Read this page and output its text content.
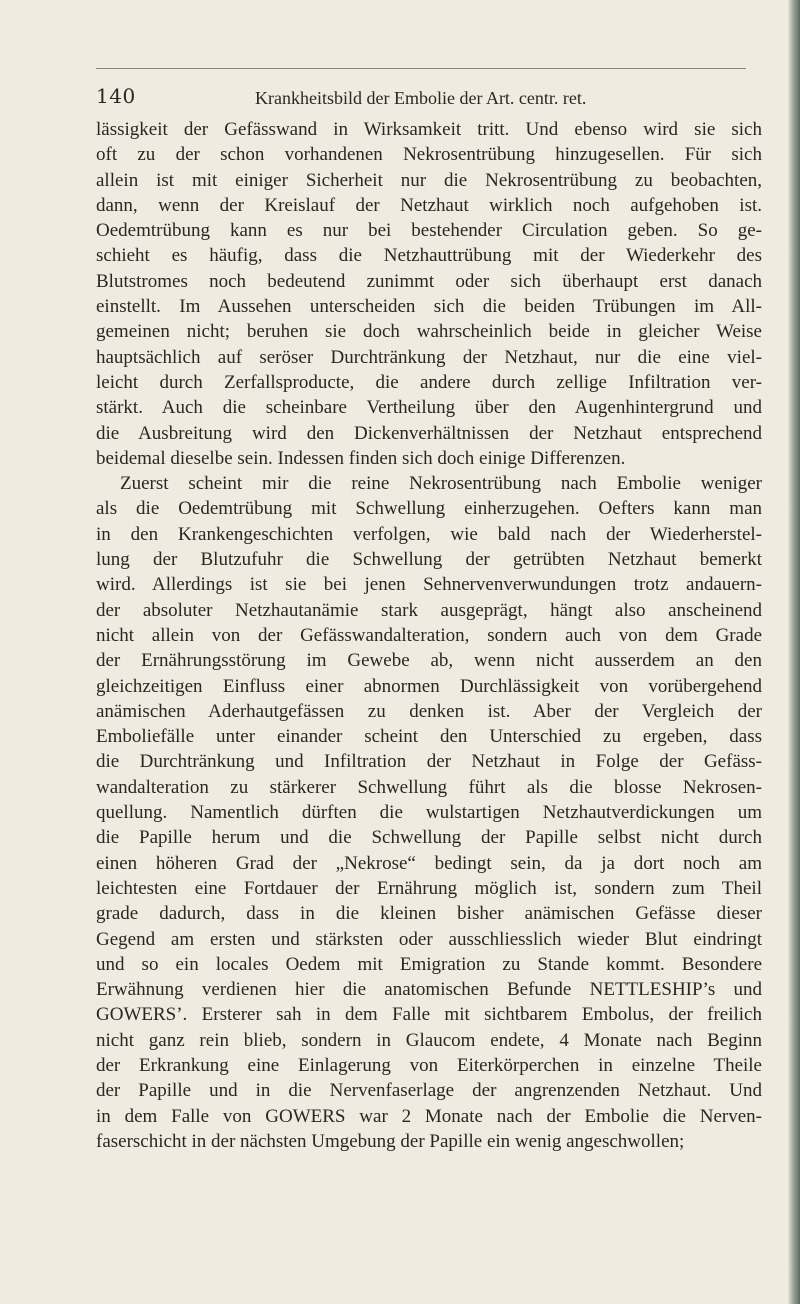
140	Krankheitsbild der Embolie der Art. centr. ret.
lässigkeit der Gefässwand in Wirksamkeit tritt. Und ebenso wird sie sich
oft zu der schon vorhandenen Nekrosentrübung hinzugesellen. Für sich
allein ist mit einiger Sicherheit nur die Nekrosentrübung zu beobachten,
dann, wenn der Kreislauf der Netzhaut wirklich noch aufgehoben ist.
Oedemtrübung kann es nur bei bestehender Circulation geben. So ge-
schieht es häufig, dass die Netzhauttrübung mit der Wiederkehr des
Blutstromes noch bedeutend zunimmt oder sich überhaupt erst danach
einstellt. Im Aussehen unterscheiden sich die beiden Trübungen im All-
gemeinen nicht; beruhen sie doch wahrscheinlich beide in gleicher Weise
hauptsächlich auf seröser Durchtränkung der Netzhaut, nur die eine viel-
leicht durch Zerfallsproducte, die andere durch zellige Infiltration ver-
stärkt. Auch die scheinbare Vertheilung über den Augenhintergrund und
die Ausbreitung wird den Dickenverhältnissen der Netzhaut entsprechend
beidemal dieselbe sein. Indessen finden sich doch einige Differenzen.
Zuerst scheint mir die reine Nekrosentrübung nach Embolie weniger
als die Oedemtrübung mit Schwellung einherzugehen. Oefters kann man
in den Krankengeschichten verfolgen, wie bald nach der Wiederherstel-
lung der Blutzufuhr die Schwellung der getrübten Netzhaut bemerkt
wird. Allerdings ist sie bei jenen Sehnervenverwundungen trotz andauern-
der absoluter Netzhautanämie stark ausgeprägt, hängt also anscheinend
nicht allein von der Gefässwandalteration, sondern auch von dem Grade
der Ernährungsstörung im Gewebe ab, wenn nicht ausserdem an den
gleichzeitigen Einfluss einer abnormen Durchlässigkeit von vorübergehend
anämischen Aderhautgefässen zu denken ist. Aber der Vergleich der
Emboliefälle unter einander scheint den Unterschied zu ergeben, dass
die Durchtränkung und Infiltration der Netzhaut in Folge der Gefäss-
wandalteration zu stärkerer Schwellung führt als die blosse Nekrosen-
quellung. Namentlich dürften die wulstartigen Netzhautverdickungen um
die Papille herum und die Schwellung der Papille selbst nicht durch
einen höheren Grad der „Nekrose“ bedingt sein, da ja dort noch am
leichtesten eine Fortdauer der Ernährung möglich ist, sondern zum Theil
grade dadurch, dass in die kleinen bisher anämischen Gefässe dieser
Gegend am ersten und stärksten oder ausschliesslich wieder Blut eindringt
und so ein locales Oedem mit Emigration zu Stande kommt. Besondere
Erwähnung verdienen hier die anatomischen Befunde NETTLESHIP’s und
GOWERS’. Ersterer sah in dem Falle mit sichtbarem Embolus, der freilich
nicht ganz rein blieb, sondern in Glaucom endete, 4 Monate nach Beginn
der Erkrankung eine Einlagerung von Eiterkörperchen in einzelne Theile
der Papille und in die Nervenfaserlage der angrenzenden Netzhaut. Und
in dem Falle von GOWERS war 2 Monate nach der Embolie die Nerven-
faserschicht in der nächsten Umgebung der Papille ein wenig angeschwollen;
